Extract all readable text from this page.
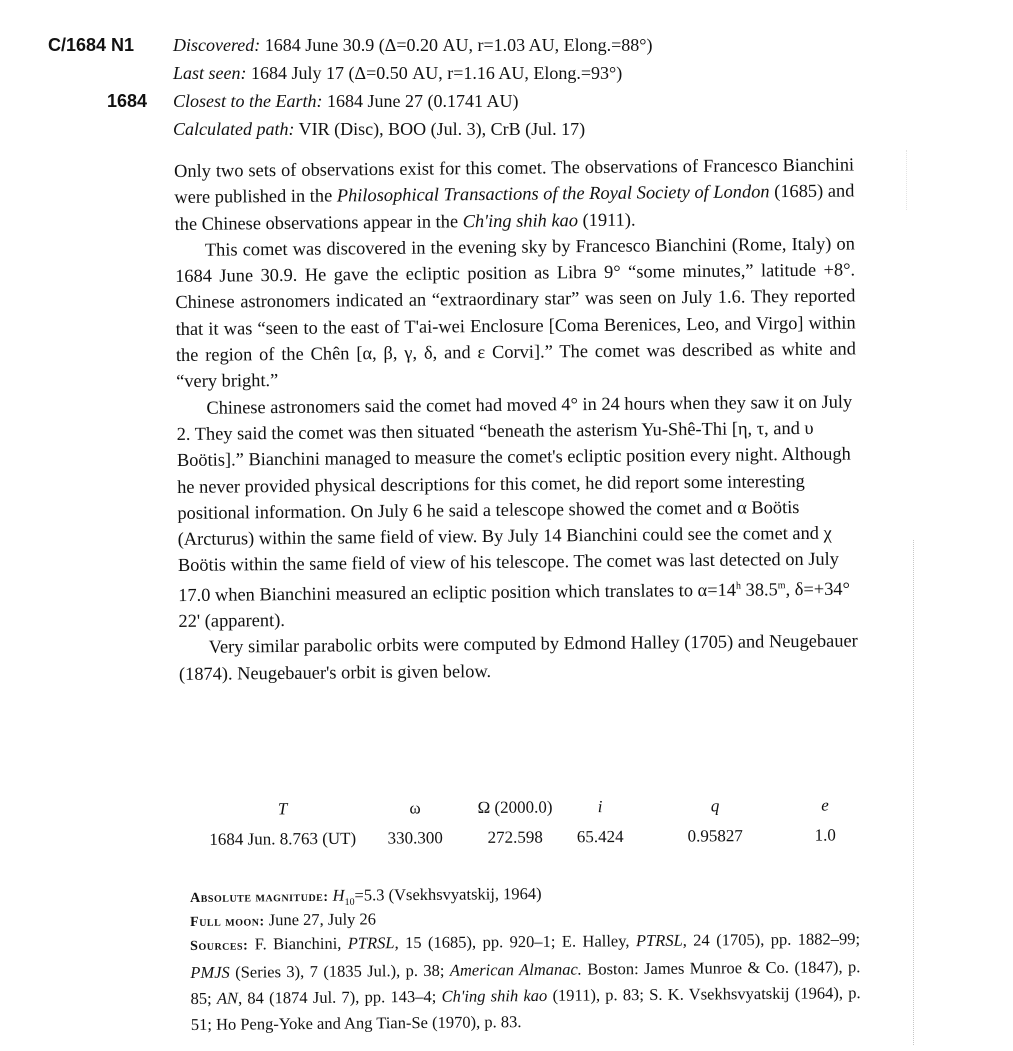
C/1684 N1
1684
Discovered: 1684 June 30.9 (Δ=0.20 AU, r=1.03 AU, Elong.=88°)
Last seen: 1684 July 17 (Δ=0.50 AU, r=1.16 AU, Elong.=93°)
Closest to the Earth: 1684 June 27 (0.1741 AU)
Calculated path: VIR (Disc), BOO (Jul. 3), CrB (Jul. 17)

Only two sets of observations exist for this comet. The observations of Francesco Bianchini were published in the Philosophical Transactions of the Royal Society of London (1685) and the Chinese observations appear in the Ch'ing shih kao (1911).

This comet was discovered in the evening sky by Francesco Bianchini (Rome, Italy) on 1684 June 30.9. He gave the ecliptic position as Libra 9° “some minutes,” latitude +8°. Chinese astronomers indicated an “extraordinary star” was seen on July 1.6. They reported that it was “seen to the east of T'ai-wei Enclosure [Coma Berenices, Leo, and Virgo] within the region of the Chên [α, β, γ, δ, and ε Corvi].” The comet was described as white and “very bright.”

Chinese astronomers said the comet had moved 4° in 24 hours when they saw it on July 2. They said the comet was then situated “beneath the asterism Yu-Shê-Thi [η, τ, and υ Boötis].” Bianchini managed to measure the comet's ecliptic position every night. Although he never provided physical descriptions for this comet, he did report some interesting positional information. On July 6 he said a telescope showed the comet and α Boötis (Arcturus) within the same field of view. By July 14 Bianchini could see the comet and χ Boötis within the same field of view of his telescope. The comet was last detected on July 17.0 when Bianchini measured an ecliptic position which translates to $\alpha=14^h$ 38.5$^m$, δ=+34° 22' (apparent).

Very similar parabolic orbits were computed by Edmond Halley (1705) and Neugebauer (1874). Neugebauer's orbit is given below.

T	ω	Ω (2000.0)	i	q	e
1684 Jun. 8.763 (UT)	330.300	272.598	65.424	0.95827	1.0
Absolute magnitude: $H_{10}=5.3$ (Vsekhsvyatskij, 1964)
Full moon: June 27, July 26
Sources: F. Bianchini, PTRSL, 15 (1685), pp. 920–1; E. Halley, PTRSL, 24 (1705), pp. 1882–99; PMJS (Series 3), 7 (1835 Jul.), p. 38; American Almanac. Boston: James Munroe & Co. (1847), p. 85; AN, 84 (1874 Jul. 7), pp. 143–4; Ch'ing shih kao (1911), p. 83; S. K. Vsekhsvyatskij (1964), p. 51; Ho Peng-Yoke and Ang Tian-Se (1970), p. 83.
